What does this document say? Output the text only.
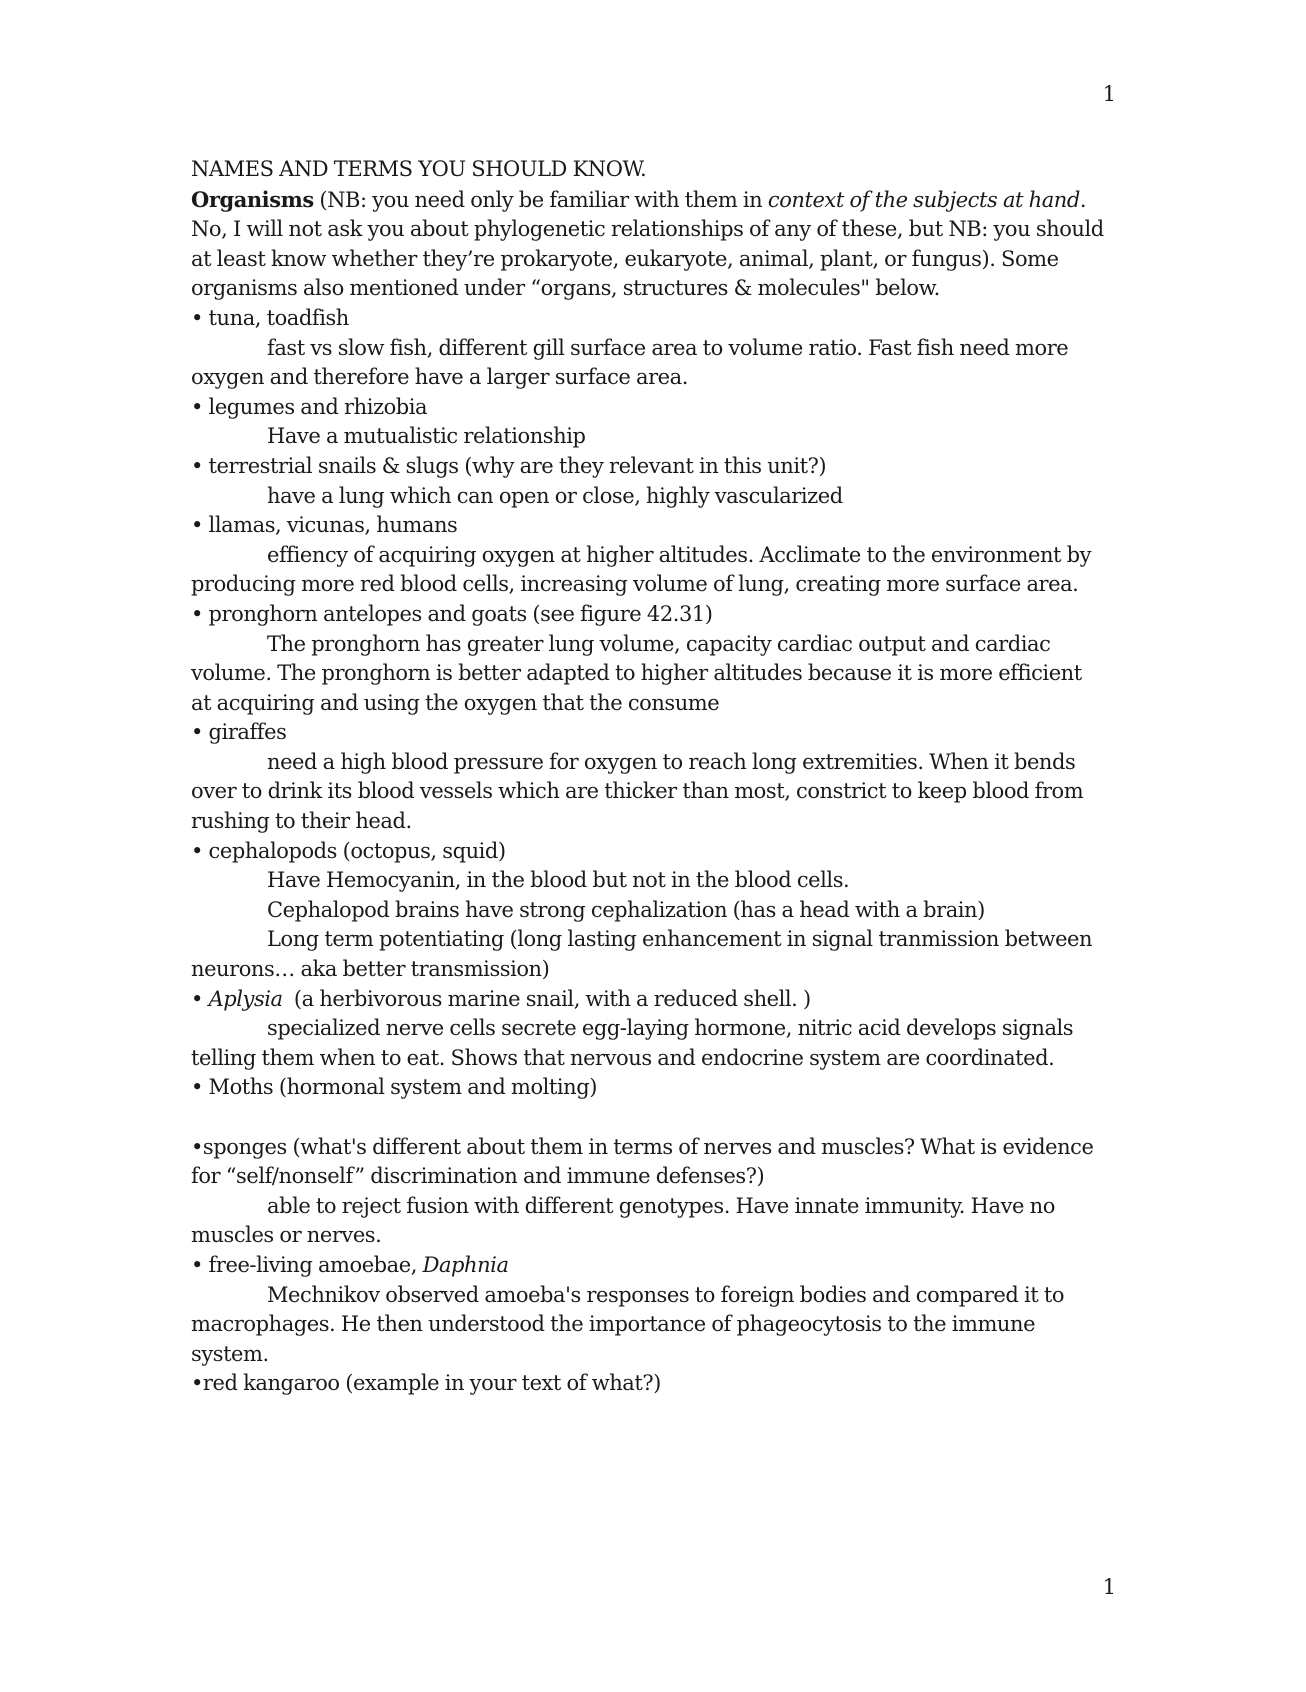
1

NAMES AND TERMS YOU SHOULD KNOW.

Organisms (NB: you need only be familiar with them in context of the subjects at hand. No, I will not ask you about phylogenetic relationships of any of these, but NB: you should at least know whether they’re prokaryote, eukaryote, animal, plant, or fungus). Some organisms also mentioned under “organs, structures & molecules" below.

• tuna, toadfish

fast vs slow fish, different gill surface area to volume ratio. Fast fish need more oxygen and therefore have a larger surface area.

• legumes and rhizobia

Have a mutualistic relationship

• terrestrial snails & slugs (why are they relevant in this unit?)

have a lung which can open or close, highly vascularized

• llamas, vicunas, humans

effiency of acquiring oxygen at higher altitudes. Acclimate to the environment by producing more red blood cells, increasing volume of lung, creating more surface area.

• pronghorn antelopes and goats (see figure 42.31)

The pronghorn has greater lung volume, capacity cardiac output and cardiac volume. The pronghorn is better adapted to higher altitudes because it is more efficient at acquiring and using the oxygen that the consume

• giraffes

need a high blood pressure for oxygen to reach long extremities. When it bends over to drink its blood vessels which are thicker than most, constrict to keep blood from rushing to their head.

• cephalopods (octopus, squid)

Have Hemocyanin, in the blood but not in the blood cells.

Cephalopod brains have strong cephalization (has a head with a brain)

Long term potentiating (long lasting enhancement in signal tranmission between neurons… aka better transmission)

• Aplysia  (a herbivorous marine snail, with a reduced shell. )

specialized nerve cells secrete egg-laying hormone, nitric acid develops signals telling them when to eat. Shows that nervous and endocrine system are coordinated.

• Moths (hormonal system and molting)

•sponges (what's different about them in terms of nerves and muscles? What is evidence for “self/nonself” discrimination and immune defenses?)

able to reject fusion with different genotypes. Have innate immunity. Have no muscles or nerves.

• free-living amoebae, Daphnia

Mechnikov observed amoeba's responses to foreign bodies and compared it to macrophages. He then understood the importance of phageocytosis to the immune system.

•red kangaroo (example in your text of what?)

1
